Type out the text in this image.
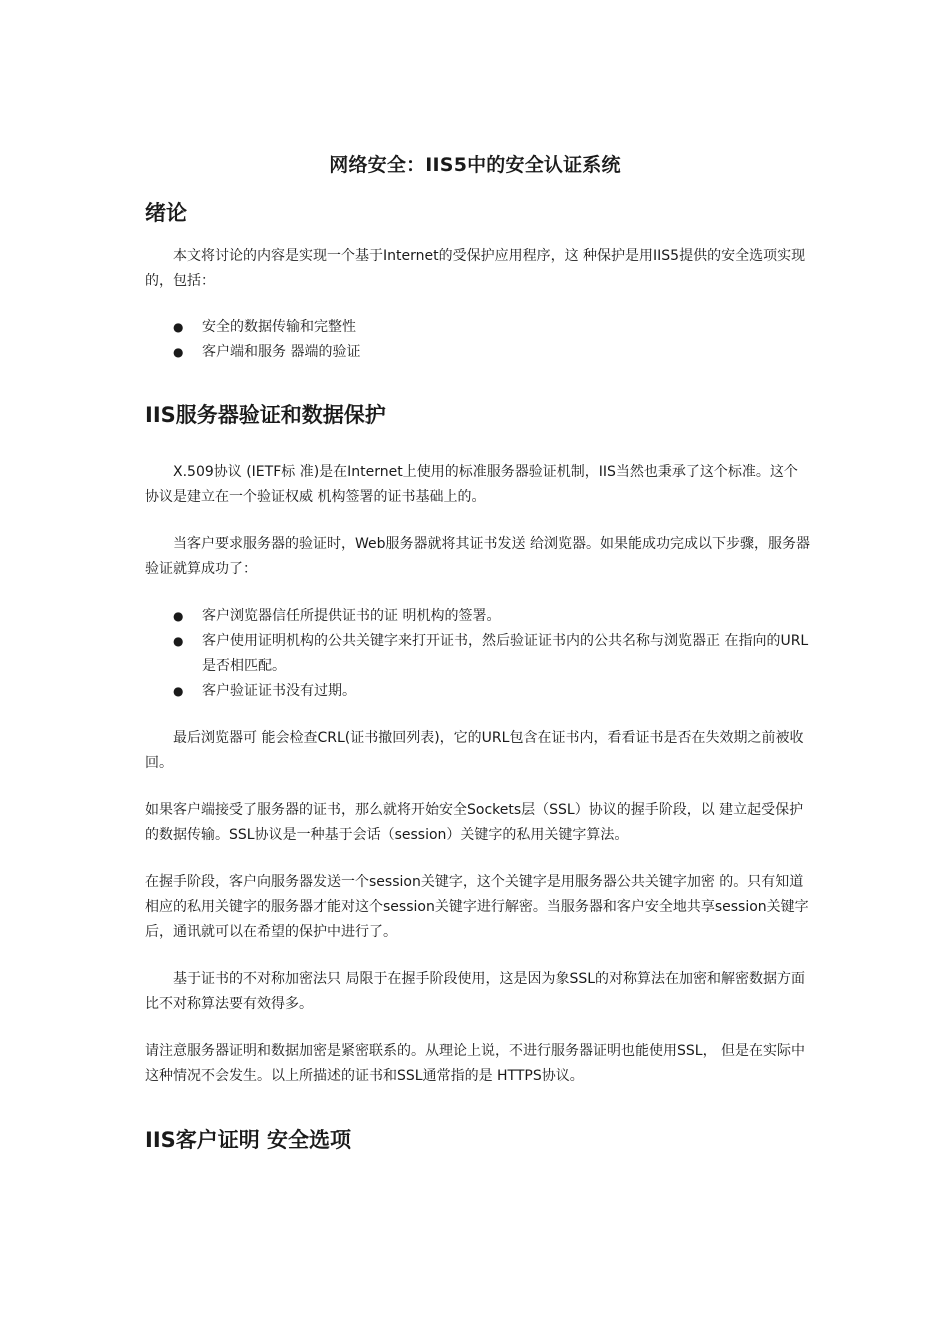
网络安全：IIS5中的安全认证系统
绪论

本文将讨论的内容是实现一个基于Internet的受保护应用程序，这 种保护是用IIS5提供的安全选项实现的，包括：

● 安全的数据传输和完整性
● 客户端和服务 器端的验证
IIS服务器验证和数据保护

X.509协议 (IETF标 准)是在Internet上使用的标准服务器验证机制，IIS当然也秉承了这个标准。这个协议是建立在一个验证权威 机构签署的证书基础上的。

当客户要求服务器的验证时，Web服务器就将其证书发送 给浏览器。如果能成功完成以下步骤，服务器验证就算成功了：

● 客户浏览器信任所提供证书的证 明机构的签署。
● 客户使用证明机构的公共关键字来打开证书，然后验证证书内的公共名称与浏览器正 在指向的URL是否相匹配。
● 客户验证证书没有过期。

最后浏览器可 能会检查CRL(证书撤回列表)，它的URL包含在证书内，看看证书是否在失效期之前被收回。

如果客户端接受了服务器的证书，那么就将开始安全Sockets层（SSL）协议的握手阶段，以 建立起受保护的数据传输。SSL协议是一种基于会话（session）关键字的私用关键字算法。

在握手阶段，客户向服务器发送一个session关键字，这个关键字是用服务器公共关键字加密 的。只有知道相应的私用关键字的服务器才能对这个session关键字进行解密。当服务器和客户安全地共享session关键字后，通讯就可以在希望的保护中进行了。

基于证书的不对称加密法只 局限于在握手阶段使用，这是因为象SSL的对称算法在加密和解密数据方面比不对称算法要有效得多。

请注意服务器证明和数据加密是紧密联系的。从理论上说，不进行服务器证明也能使用SSL， 但是在实际中这种情况不会发生。以上所描述的证书和SSL通常指的是 HTTPS协议。

IIS客户证明 安全选项
